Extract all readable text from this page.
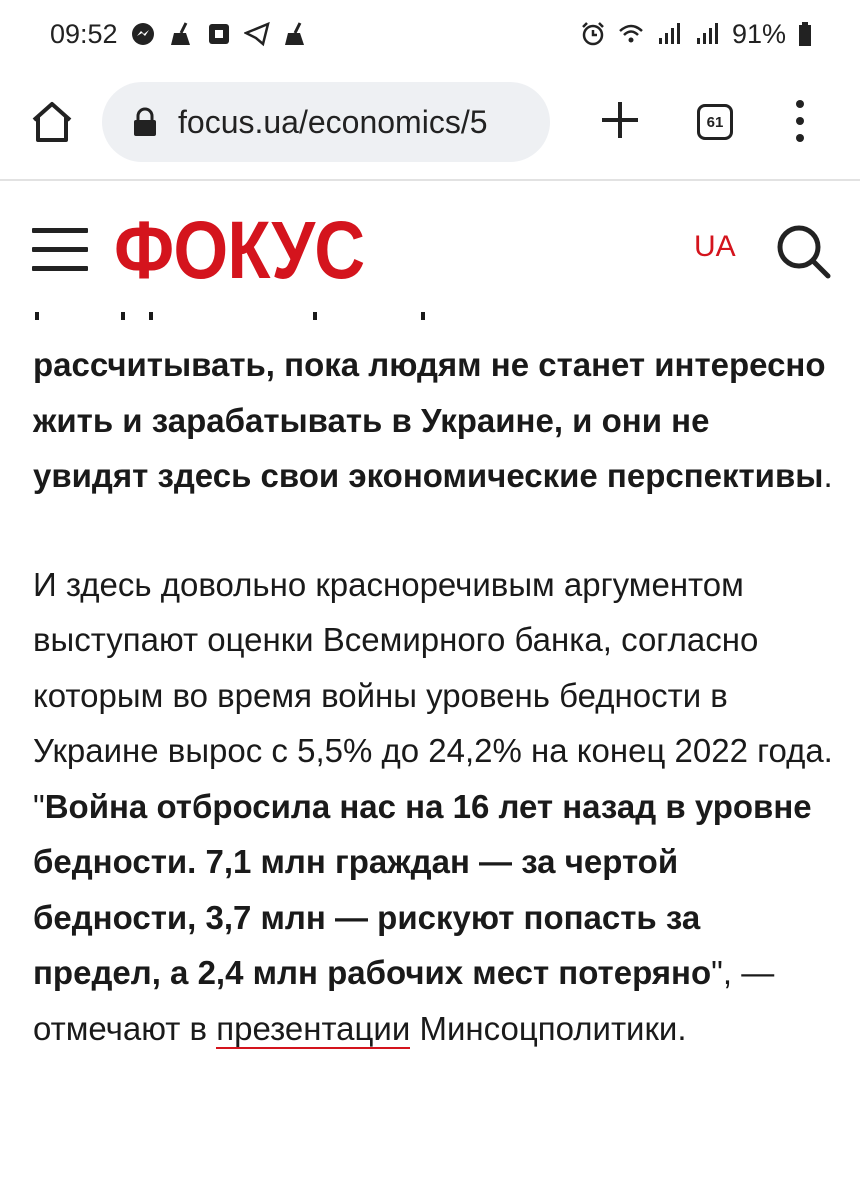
09:52	91%
focus.ua/economics/5	61
ФОКУС	UA

рассчитывать, пока людям не станет интересно жить и зарабатывать в Украине, и они не увидят здесь свои экономические перспективы.

И здесь довольно красноречивым аргументом выступают оценки Всемирного банка, согласно которым во время войны уровень бедности в Украине вырос с 5,5% до 24,2% на конец 2022 года. "Война отбросила нас на 16 лет назад в уровне бедности. 7,1 млн граждан — за чертой бедности, 3,7 млн — рискуют попасть за предел, а 2,4 млн рабочих мест потеряно", — отмечают в презентации Минсоцполитики.
